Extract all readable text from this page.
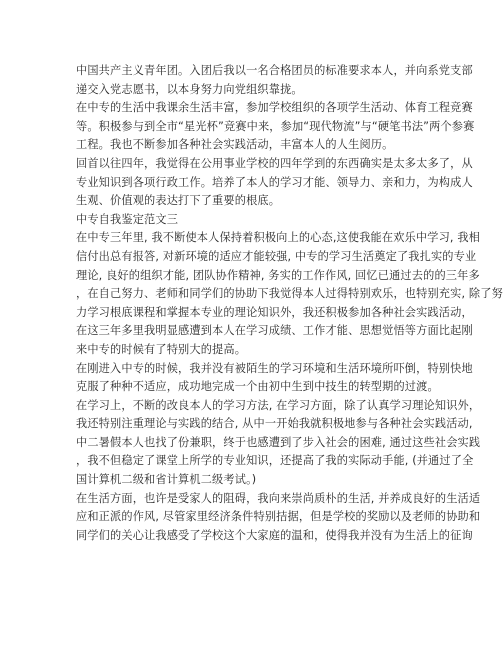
中国共产主义青年团。入团后我以一名合格团员的标准要求本人，并向系党支部
递交入党志愿书，以本身努力向党组织靠拢。
在中专的生活中我课余生活丰富，参加学校组织的各项学生活动、体育工程竞赛
等。积极参与到全市“星光杯”竞赛中来，参加“现代物流”与“硬笔书法”两个参赛
工程。我也不断参加各种社会实践活动，丰富本人的人生阅历。
回首以往四年，我觉得在公用事业学校的四年学到的东西确实是太多太多了，从
专业知识到各项行政工作。培养了本人的学习才能、领导力、亲和力，为构成人
生观、价值观的表达打下了重要的根底。
中专自我鉴定范文三
在中专三年里, 我不断使本人保持着积极向上的心态,这使我能在欢乐中学习, 我相
信付出总有报答, 对新环境的适应才能较强, 中专的学习生活奠定了我扎实的专业
理论, 良好的组织才能, 团队协作精神, 务实的工作作风, 回忆已通过去的的三年多
，在自己努力、老师和同学们的协助下我觉得本人过得特别欢乐，也特别充实, 除了努
力学习根底课程和掌握本专业的理论知识外，我还积极参加各种社会实践活动，
在这三年多里我明显感遭到本人在学习成绩、工作才能、思想觉悟等方面比起刚
来中专的时候有了特别大的提高。
在刚进入中专的时候，我并没有被陌生的学习环境和生活环境所吓倒，特别快地
克服了种种不适应，成功地完成一个由初中生到中技生的转型期的过渡。
在学习上，不断的改良本人的学习方法, 在学习方面，除了认真学习理论知识外，
我还特别注重理论与实践的结合, 从中一开始我就积极地参与各种社会实践活动,
中二暑假本人也找了份兼职，终于也感遭到了步入社会的困难, 通过这些社会实践
，我不但稳定了课堂上所学的专业知识，还提高了我的实际动手能, (并通过了全
国计算机二级和省计算机二级考试。)
在生活方面，也许是受家人的阻碍，我向来崇尚质朴的生活, 并养成良好的生活适
应和正派的作风, 尽管家里经济条件特别拮据，但是学校的奖励以及老师的协助和
同学们的关心让我感受了学校这个大家庭的温和，使得我并没有为生活上的征询
